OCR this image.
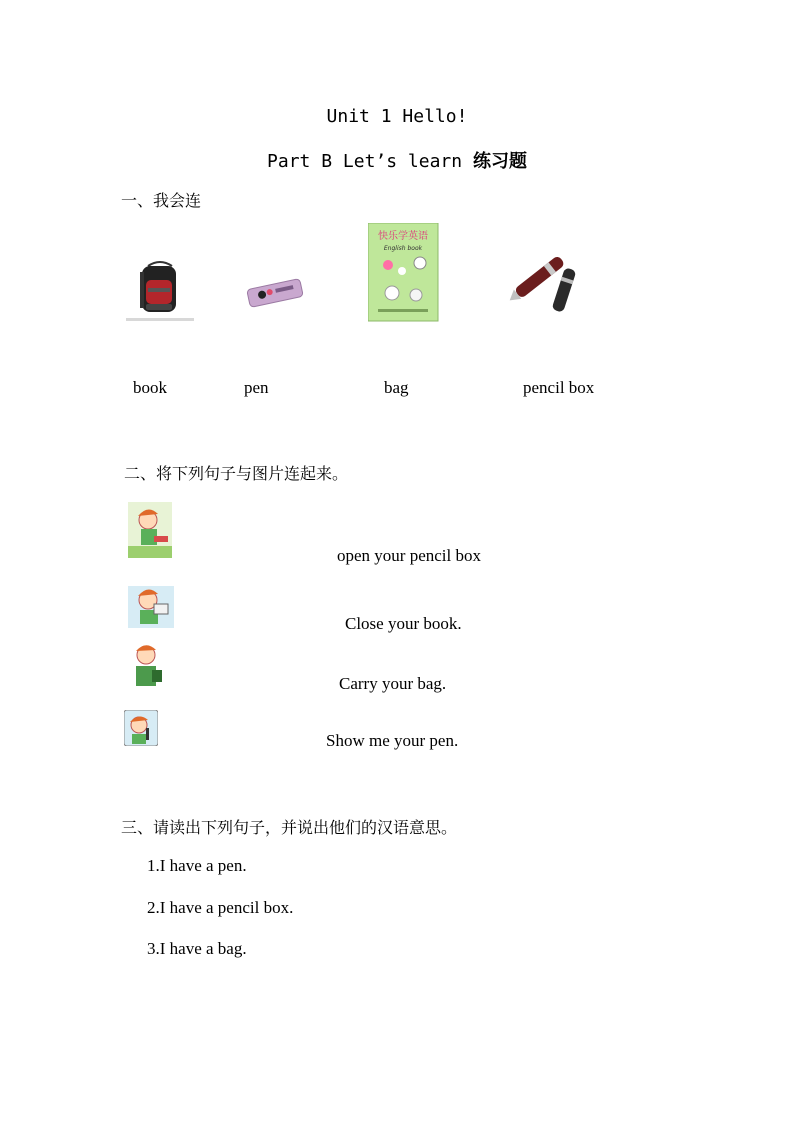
Unit 1 Hello!
Part B Let’s learn 练习题
一、我会连
快乐学英语
English book
book	pen	bag	pencil box
二、将下列句子与图片连起来。
open your pencil box
Close your book.
Carry your bag.
Show me your pen.
三、请读出下列句子，并说出他们的汉语意思。
1.I have a pen.
2.I have a pencil box.
3.I have a bag.
